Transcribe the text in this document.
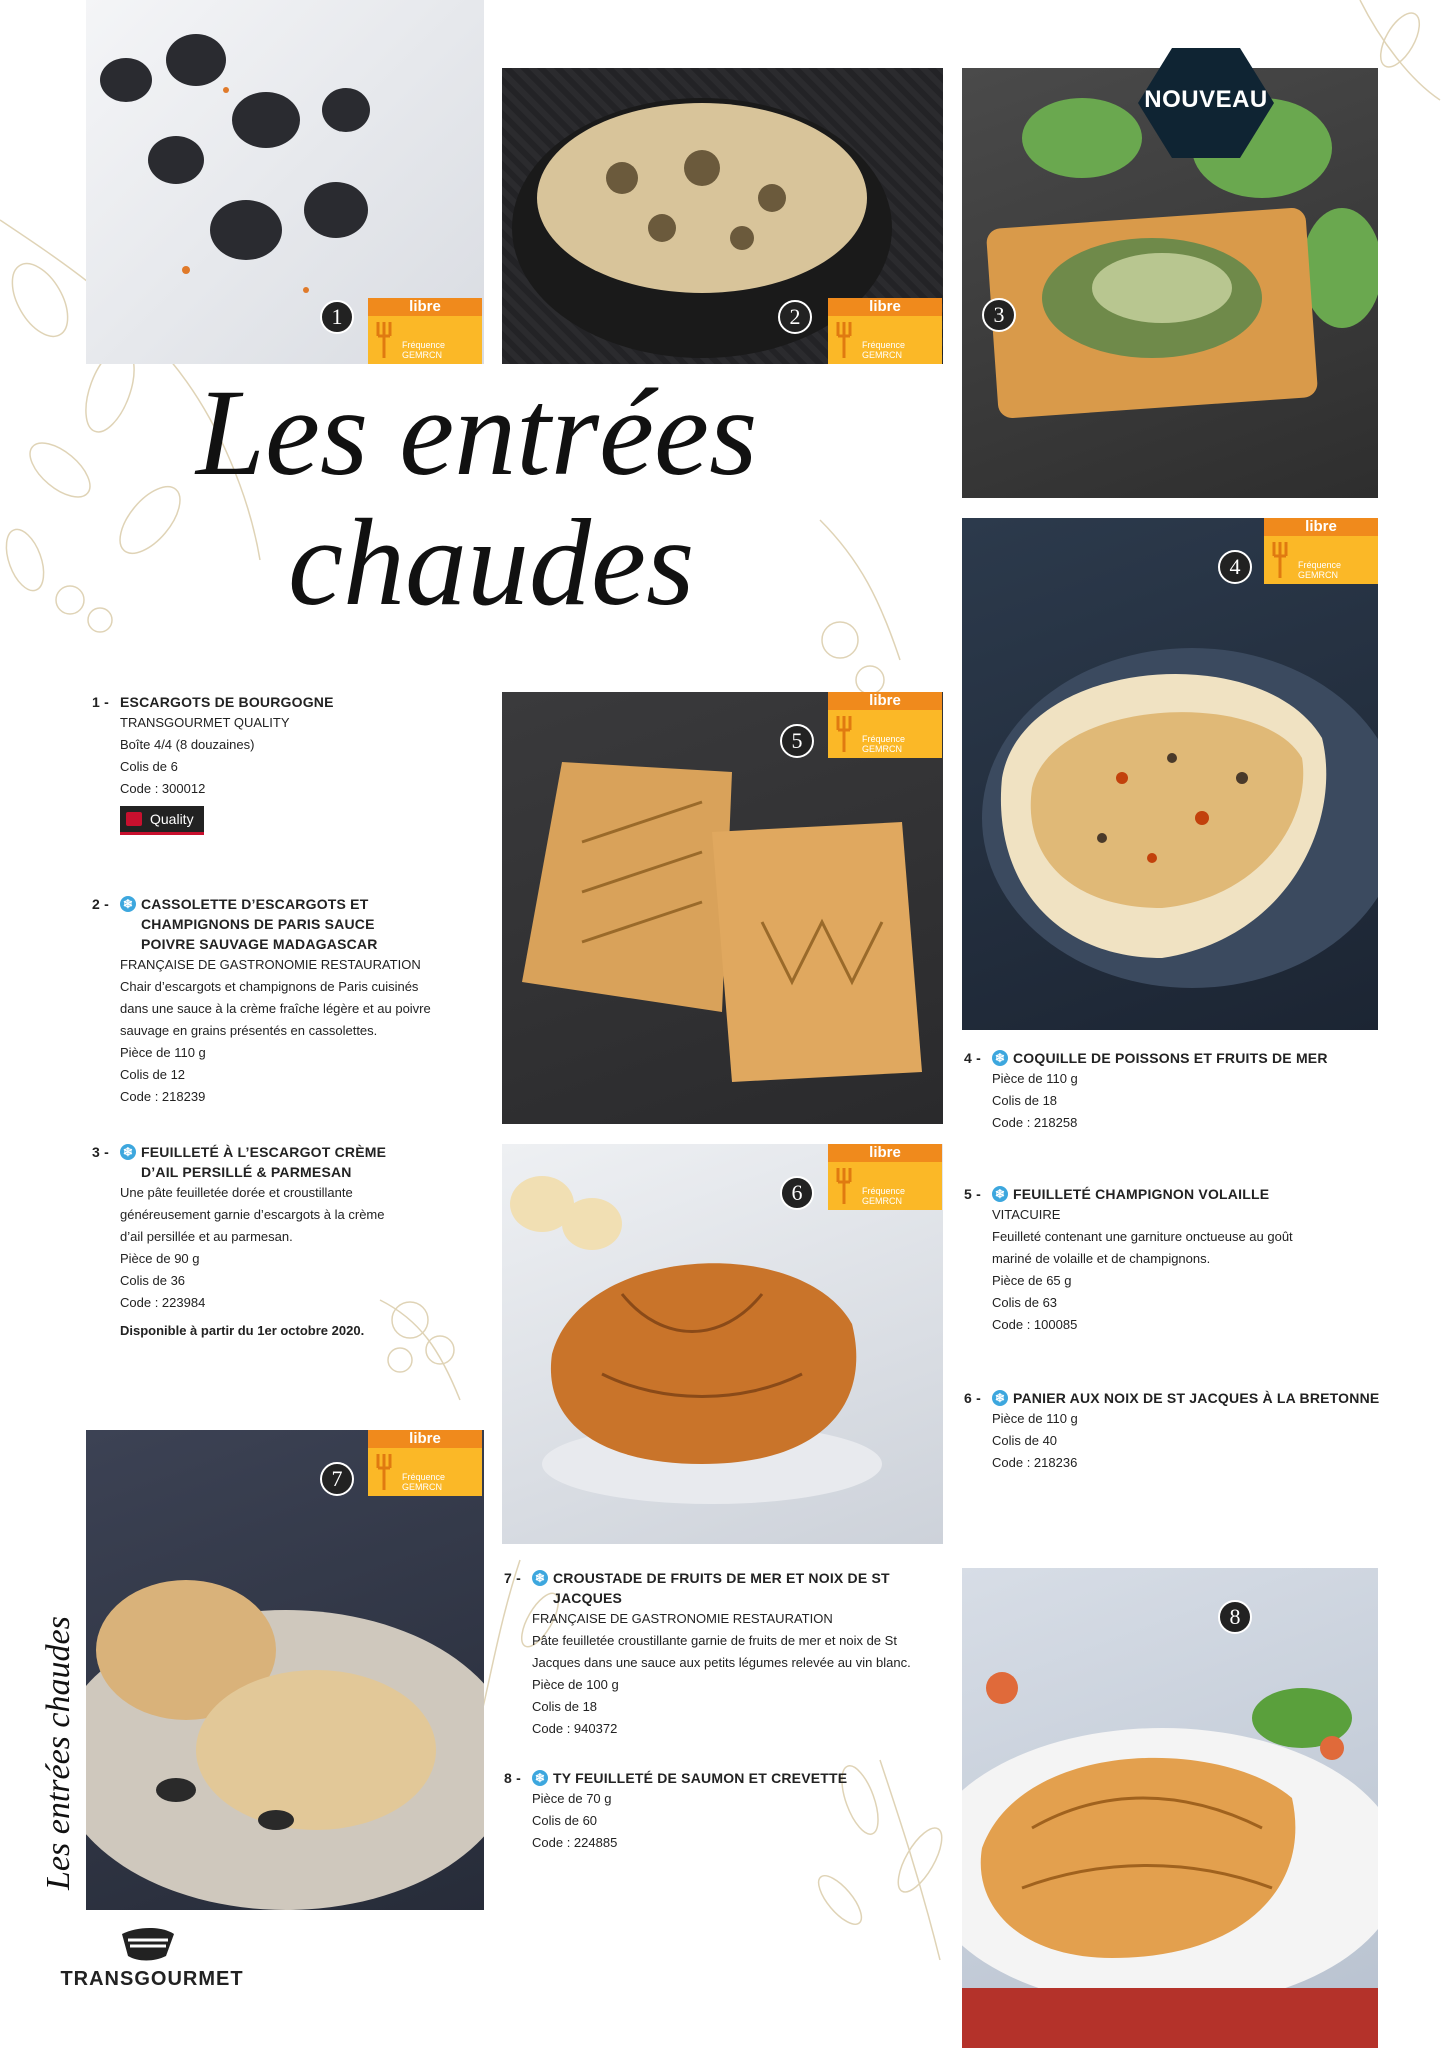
1	libre
Fréquence
GEMRCN
2	libre
Fréquence
GEMRCN
3
NOUVEAU
4
libre
Fréquence
GEMRCN
5
libre
Fréquence
GEMRCN
6
libre
Fréquence
GEMRCN
7
libre
Fréquence
GEMRCN
8
Les entrées
chaudes
1 - ESCARGOTS DE BOURGOGNE
TRANSGOURMET QUALITY
Boîte 4/4 (8 douzaines)
Colis de 6
Code : 300012
Quality
2 -	❄ CASSOLETTE D’ESCARGOTS ET CHAMPIGNONS DE PARIS SAUCE POIVRE SAUVAGE MADAGASCAR
FRANÇAISE DE GASTRONOMIE RESTAURATION
Chair d’escargots et champignons de Paris cuisinés dans une sauce à la crème fraîche légère et au poivre sauvage en grains présentés en cassolettes.
Pièce de 110 g
Colis de 12
Code : 218239
3 -	❄ FEUILLETÉ À L’ESCARGOT CRÈME D’AIL PERSILLÉ & PARMESAN
Une pâte feuilletée dorée et croustillante généreusement garnie d’escargots à la crème d’ail persillée et au parmesan.
Pièce de 90 g
Colis de 36
Code : 223984
Disponible à partir du 1er octobre 2020.
4 -	❄ COQUILLE DE POISSONS ET FRUITS DE MER
Pièce de 110 g
Colis de 18
Code : 218258
5 -	❄ FEUILLETÉ CHAMPIGNON VOLAILLE
VITACUIRE
Feuilleté contenant une garniture onctueuse au goût mariné de volaille et de champignons.
Pièce de 65 g
Colis de 63
Code : 100085
6 -	❄ PANIER AUX NOIX DE ST JACQUES À LA BRETONNE
Pièce de 110 g
Colis de 40
Code : 218236
7 -	❄ CROUSTADE DE FRUITS DE MER ET NOIX DE ST JACQUES
FRANÇAISE DE GASTRONOMIE RESTAURATION
Pâte feuilletée croustillante garnie de fruits de mer et noix de St Jacques dans une sauce aux petits légumes relevée au vin blanc.
Pièce de 100 g
Colis de 18
Code : 940372
8 -	❄ TY FEUILLETÉ DE SAUMON ET CREVETTE
Pièce de 70 g
Colis de 60
Code : 224885
Les entrées chaudes
TRANSGOURMET
